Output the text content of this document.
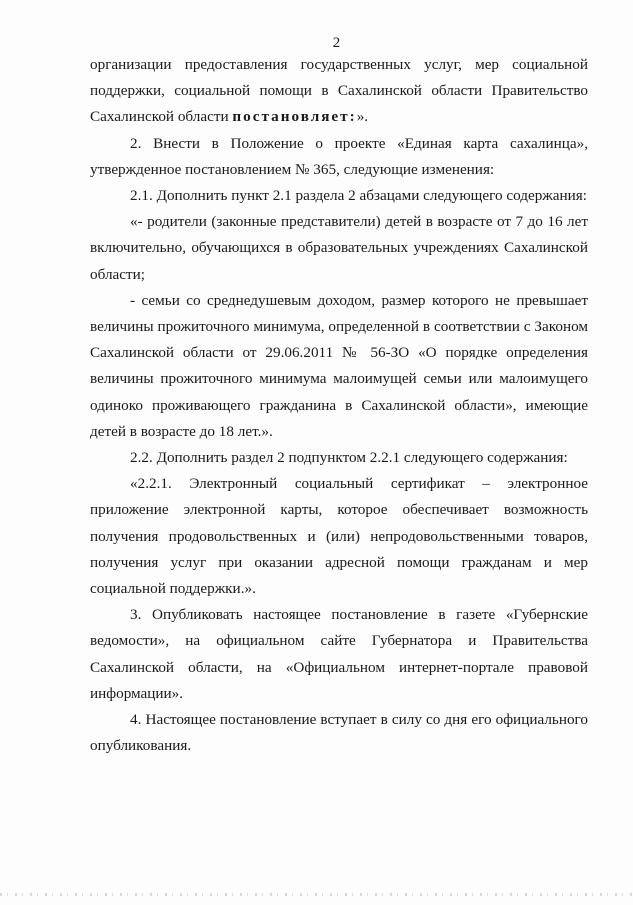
2

организации предоставления государственных услуг, мер социальной поддержки, социальной помощи в Сахалинской области Правительство Сахалинской области постановляет:».

2. Внести в Положение о проекте «Единая карта сахалинца», утвержденное постановлением № 365, следующие изменения:

2.1. Дополнить пункт 2.1 раздела 2 абзацами следующего содержания:

«- родители (законные представители) детей в возрасте от 7 до 16 лет включительно, обучающихся в образовательных учреждениях Сахалинской области;

- семьи со среднедушевым доходом, размер которого не превышает величины прожиточного минимума, определенной в соответствии с Законом Сахалинской области от 29.06.2011 № 56-ЗО «О порядке определения величины прожиточного минимума малоимущей семьи или малоимущего одиноко проживающего гражданина в Сахалинской области», имеющие детей в возрасте до 18 лет.».

2.2. Дополнить раздел 2 подпунктом 2.2.1 следующего содержания:

«2.2.1. Электронный социальный сертификат – электронное приложение электронной карты, которое обеспечивает возможность получения продовольственных и (или) непродовольственными товаров, получения услуг при оказании адресной помощи гражданам и мер социальной поддержки.».

3. Опубликовать настоящее постановление в газете «Губернские ведомости», на официальном сайте Губернатора и Правительства Сахалинской области, на «Официальном интернет-портале правовой информации».

4. Настоящее постановление вступает в силу со дня его официального опубликования.
